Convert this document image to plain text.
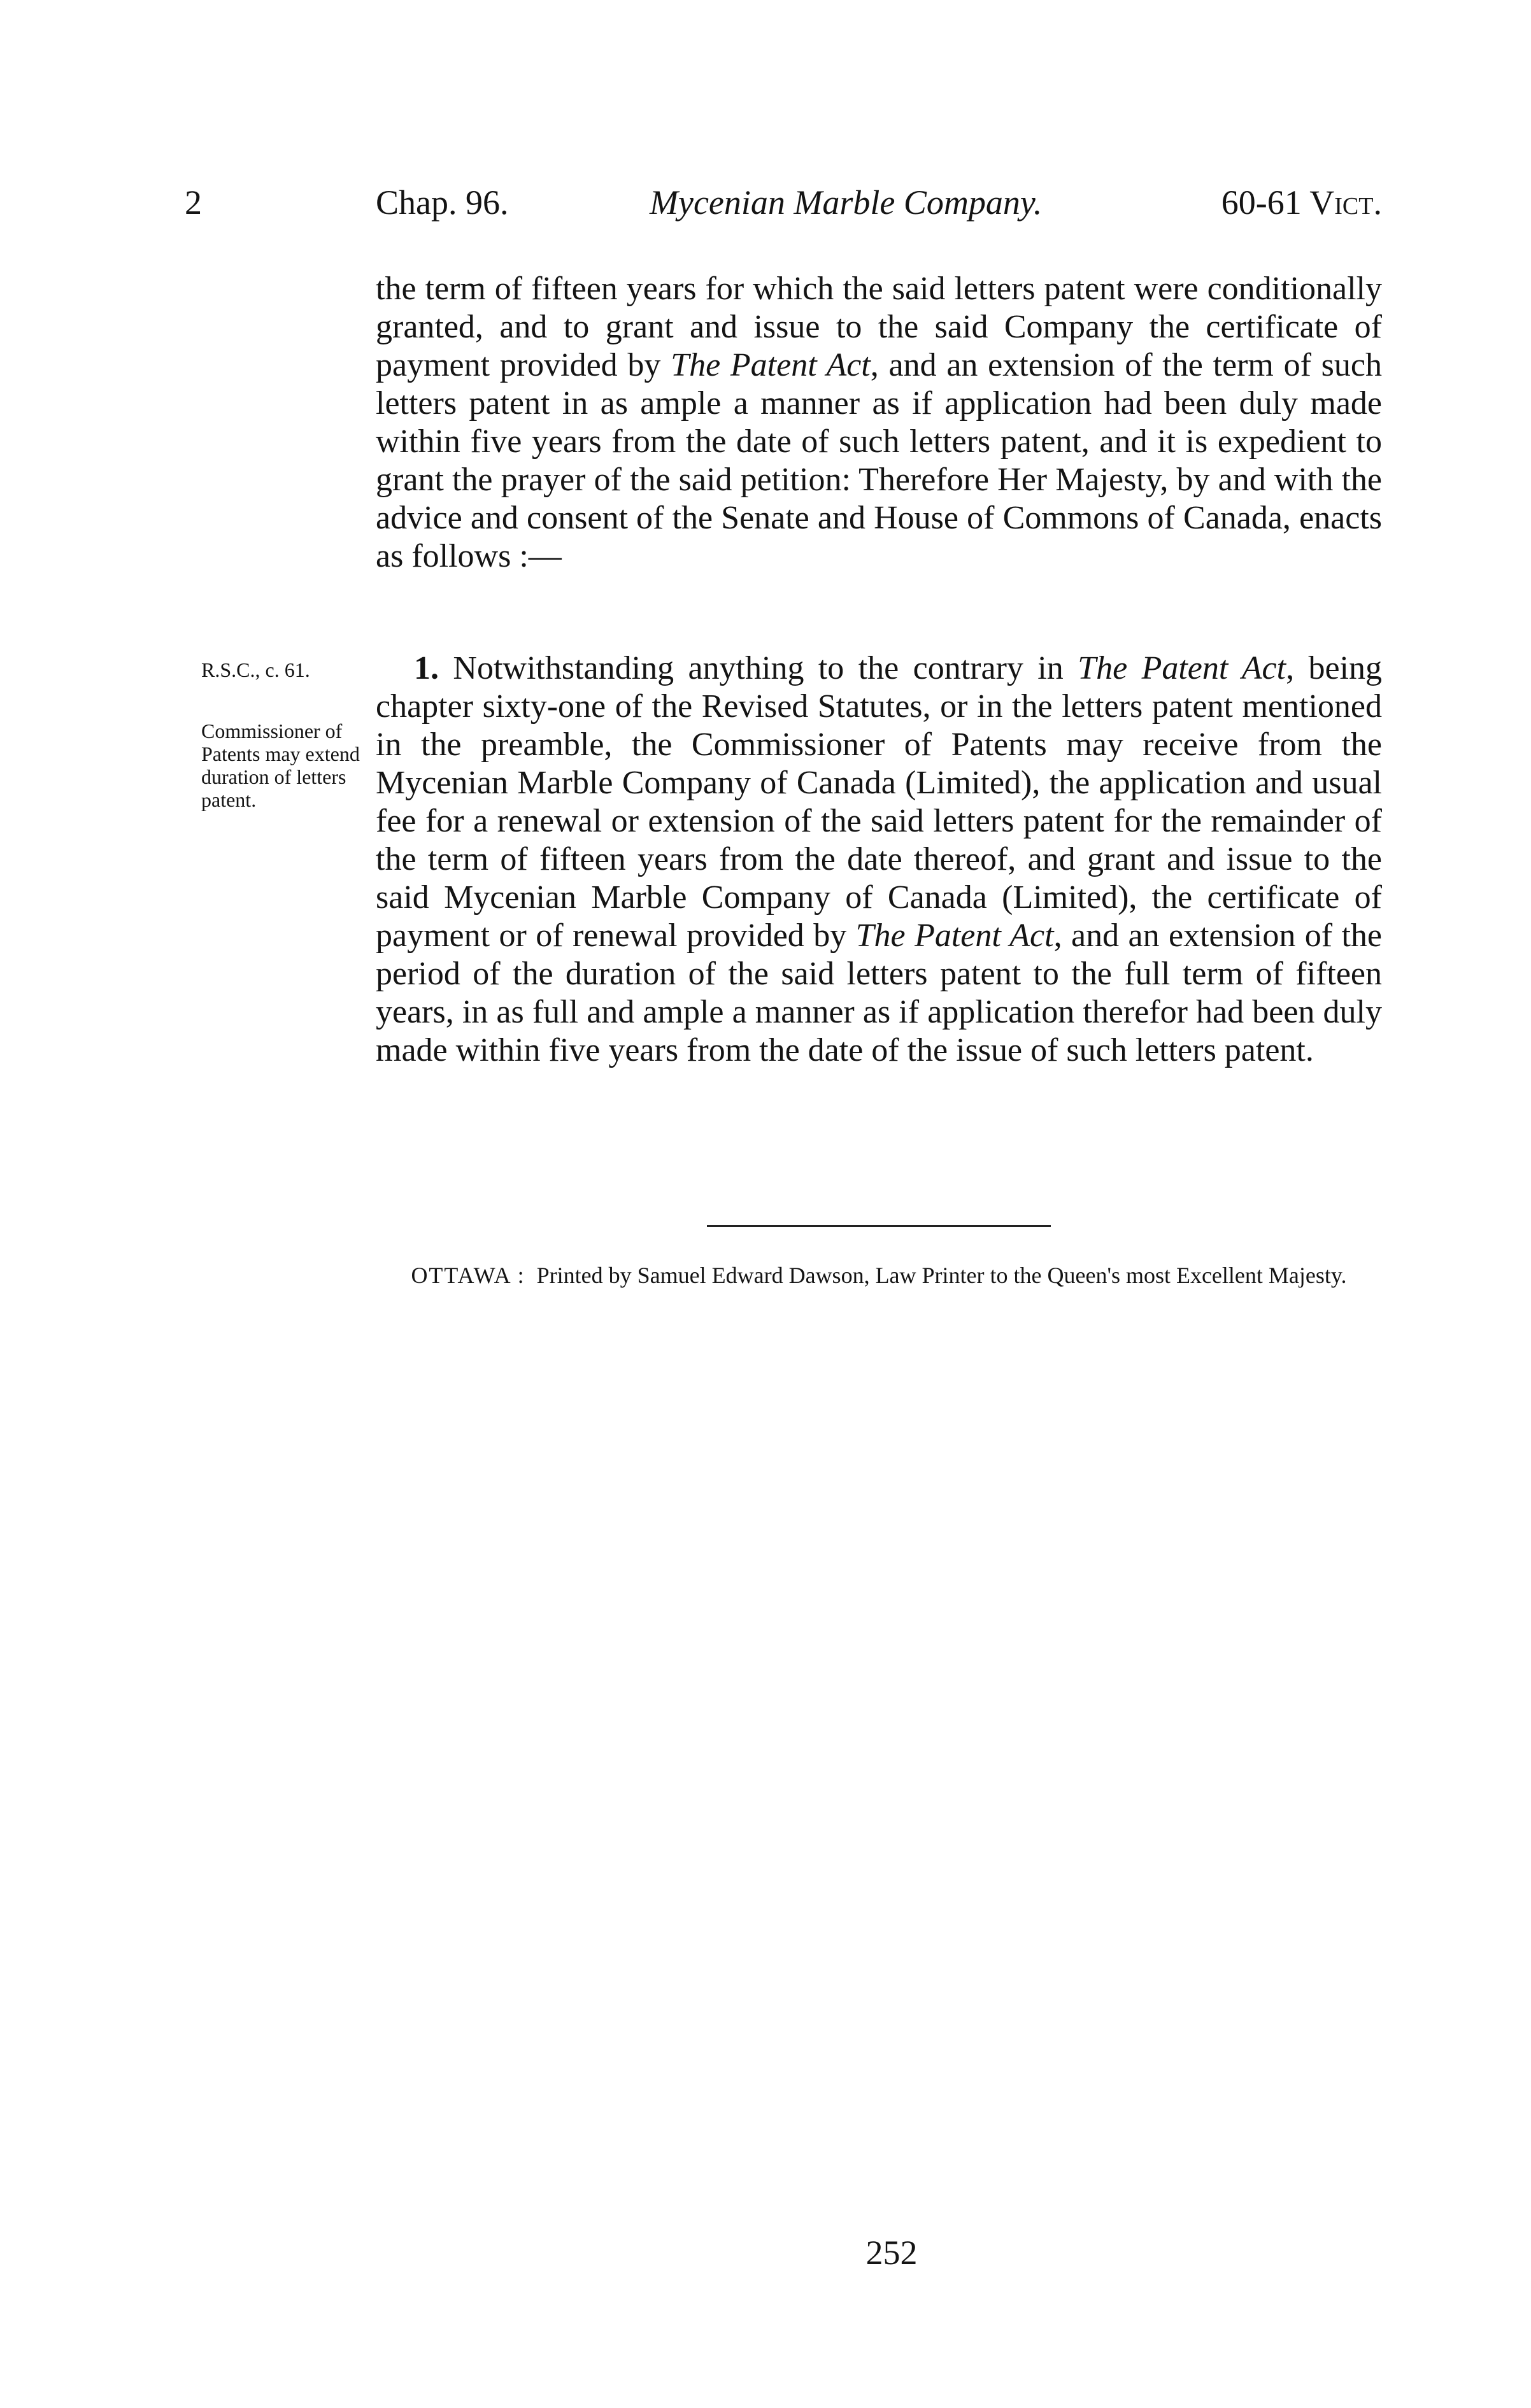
2	Chap. 96.	Mycenian Marble Company.	60-61 Vict.

the term of fifteen years for which the said letters patent were conditionally granted, and to grant and issue to the said Company the certificate of payment provided by The Patent Act, and an extension of the term of such letters patent in as ample a manner as if application had been duly made within five years from the date of such letters patent, and it is expedient to grant the prayer of the said petition: Therefore Her Majesty, by and with the advice and consent of the Senate and House of Commons of Canada, enacts as follows :—

R.S.C., c. 61.

Commissioner of Patents may extend duration of letters patent.

1. Notwithstanding anything to the contrary in The Patent Act, being chapter sixty-one of the Revised Statutes, or in the letters patent mentioned in the preamble, the Commissioner of Patents may receive from the Mycenian Marble Company of Canada (Limited), the application and usual fee for a renewal or extension of the said letters patent for the remainder of the term of fifteen years from the date thereof, and grant and issue to the said Mycenian Marble Company of Canada (Limited), the certificate of payment or of renewal provided by The Patent Act, and an extension of the period of the duration of the said letters patent to the full term of fifteen years, in as full and ample a manner as if application therefor had been duly made within five years from the date of the issue of such letters patent.

OTTAWA : Printed by Samuel Edward Dawson, Law Printer to the Queen's most Excellent Majesty.

252
